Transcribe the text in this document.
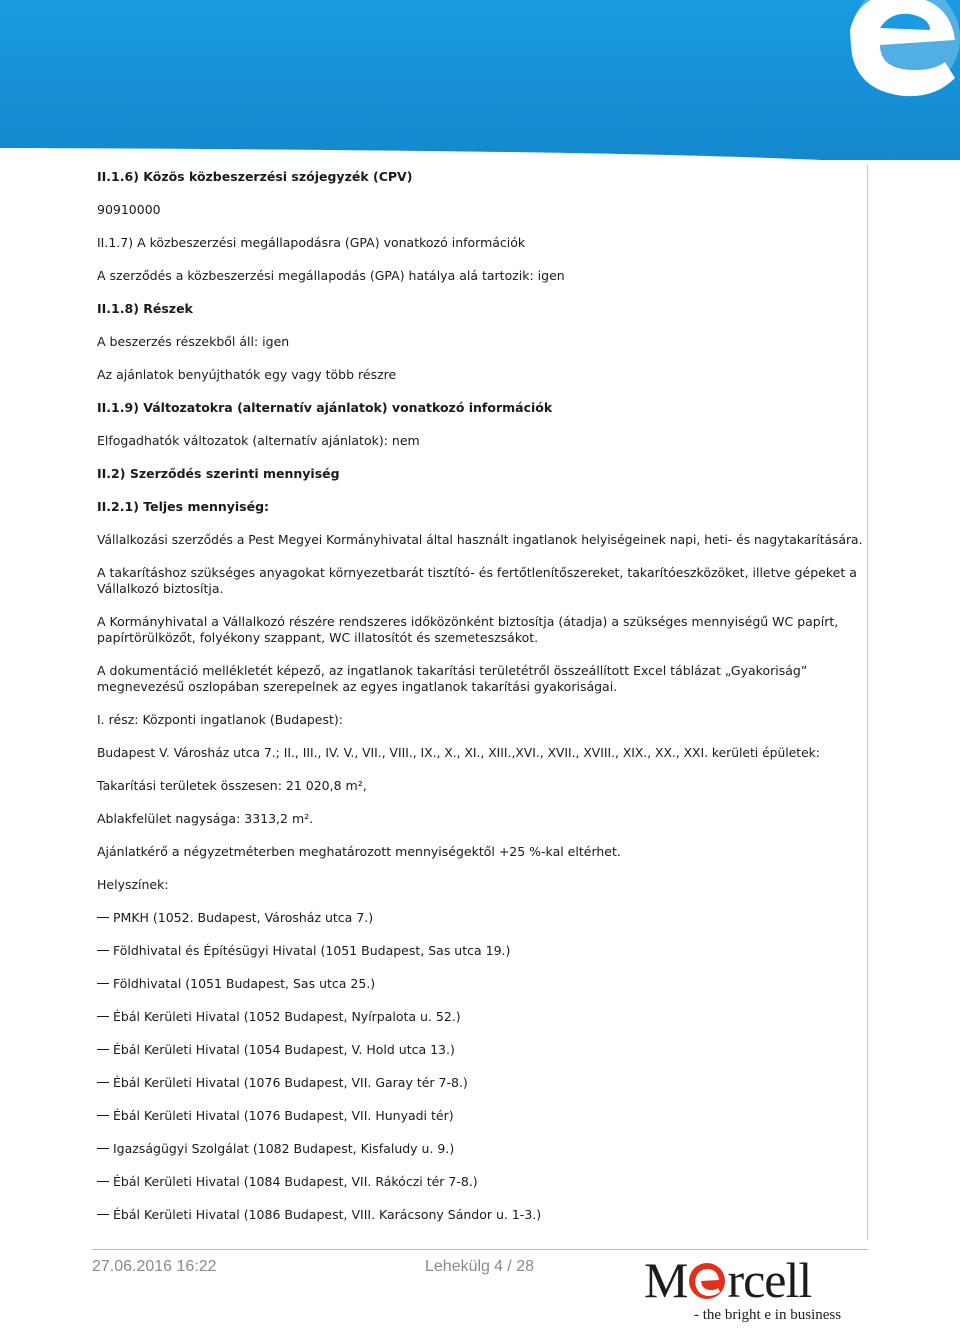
II.1.6) Közös közbeszerzési szójegyzék (CPV)

90910000

II.1.7) A közbeszerzési megállapodásra (GPA) vonatkozó információk

A szerződés a közbeszerzési megállapodás (GPA) hatálya alá tartozik: igen

II.1.8) Részek

A beszerzés részekből áll: igen

Az ajánlatok benyújthatók egy vagy több részre

II.1.9) Változatokra (alternatív ajánlatok) vonatkozó információk

Elfogadhatók változatok (alternatív ajánlatok): nem

II.2) Szerződés szerinti mennyiség

II.2.1) Teljes mennyiség:

Vállalkozási szerződés a Pest Megyei Kormányhivatal által használt ingatlanok helyiségeinek napi, heti- és nagytakarítására.

A takarításhoz szükséges anyagokat környezetbarát tisztító- és fertőtlenítőszereket, takarítóeszközöket, illetve gépeket a Vállalkozó biztosítja.

A Kormányhivatal a Vállalkozó részére rendszeres időközönként biztosítja (átadja) a szükséges mennyiségű WC papírt, papírtörülközőt, folyékony szappant, WC illatosítót és szemeteszsákot.

A dokumentáció mellékletét képező, az ingatlanok takarítási területétről összeállított Excel táblázat „Gyakoriság” megnevezésű oszlopában szerepelnek az egyes ingatlanok takarítási gyakoriságai.

I. rész: Központi ingatlanok (Budapest):

Budapest V. Városház utca 7.; II., III., IV. V., VII., VIII., IX., X., XI., XIII.,XVI., XVII., XVIII., XIX., XX., XXI. kerületi épületek:

Takarítási területek összesen: 21 020,8 m²,

Ablakfelület nagysága: 3313,2 m².

Ajánlatkérő a négyzetméterben meghatározott mennyiségektől +25 %-kal eltérhet.

Helyszínek:

PMKH (1052. Budapest, Városház utca 7.)

Földhivatal és Építésügyi Hivatal (1051 Budapest, Sas utca 19.)

Földhivatal (1051 Budapest, Sas utca 25.)

Ébál Kerületi Hivatal (1052 Budapest, Nyírpalota u. 52.)

Ébál Kerületi Hivatal (1054 Budapest, V. Hold utca 13.)

Ébál Kerületi Hivatal (1076 Budapest, VII. Garay tér 7-8.)

Ébál Kerületi Hivatal (1076 Budapest, VII. Hunyadi tér)

Igazságügyi Szolgálat (1082 Budapest, Kisfaludy u. 9.)

Ébál Kerületi Hivatal (1084 Budapest, VII. Rákóczi tér 7-8.)

Ébál Kerületi Hivatal (1086 Budapest, VIII. Karácsony Sándor u. 1-3.)

27.06.2016 16:22	Lehekülg 4 / 28 M rcell
- the bright e in business
